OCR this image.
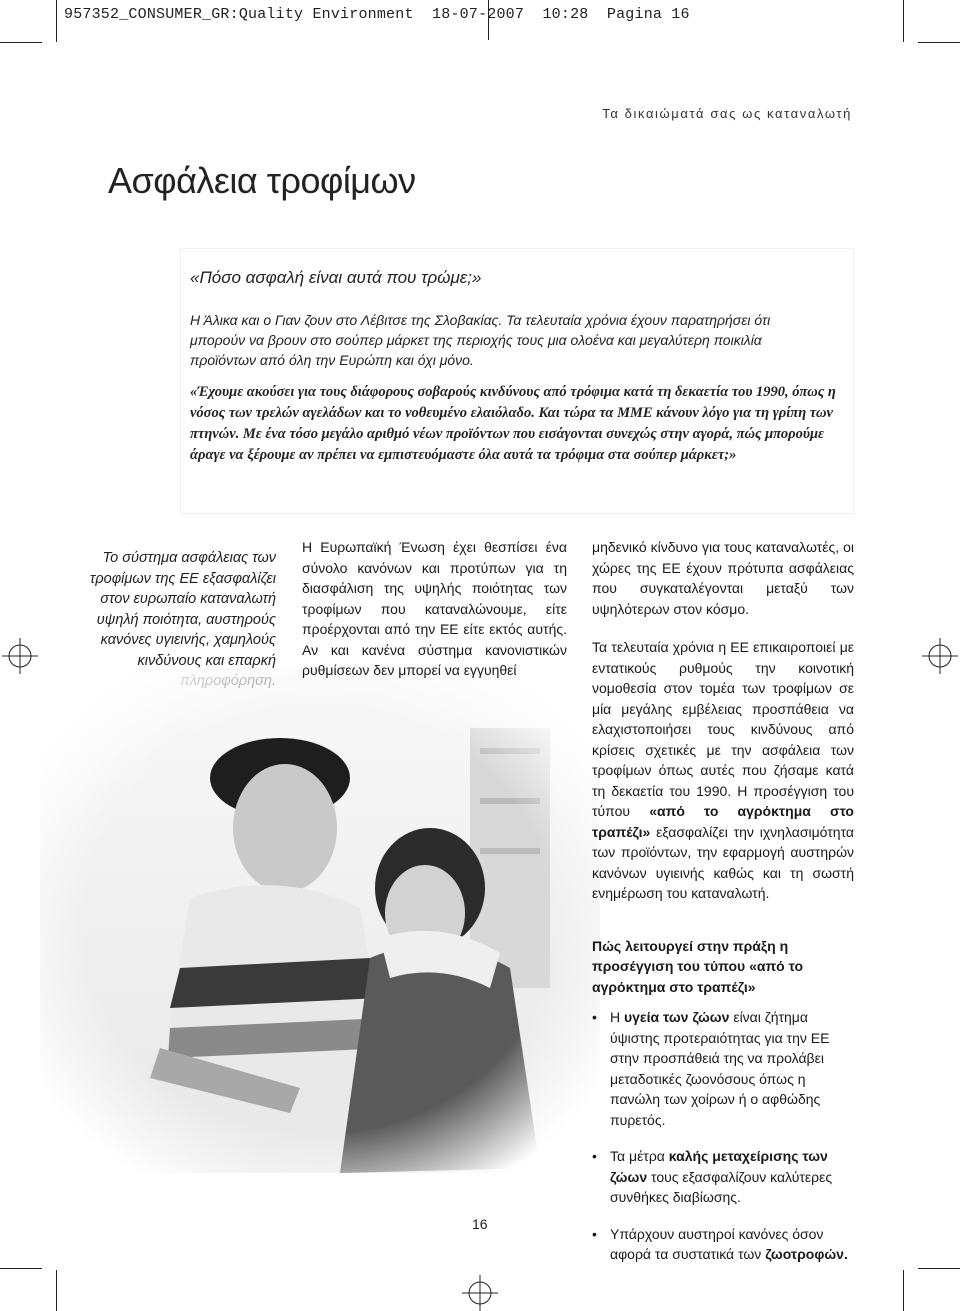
957352_CONSUMER_GR:Quality Environment  18-07-2007  10:28  Pagina 16
Τα δικαιώματά σας ως καταναλωτή
Ασφάλεια τροφίμων
«Πόσο ασφαλή είναι αυτά που τρώμε;»
Η Άλικα και ο Γιαν ζουν στο Λέβιτσε της Σλοβακίας. Τα τελευταία χρόνια έχουν παρατηρήσει ότι μπορούν να βρουν στο σούπερ μάρκετ της περιοχής τους μια ολοένα και μεγαλύτερη ποικιλία προϊόντων από όλη την Ευρώπη και όχι μόνο.
«Έχουμε ακούσει για τους διάφορους σοβαρούς κινδύνους από τρόφιμα κατά τη δεκαετία του 1990, όπως η νόσος των τρελών αγελάδων και το νοθευμένο ελαιόλαδο. Και τώρα τα ΜΜΕ κάνουν λόγο για τη γρίπη των πτηνών. Με ένα τόσο μεγάλο αριθμό νέων προϊόντων που εισάγονται συνεχώς στην αγορά, πώς μπορούμε άραγε να ξέρουμε αν πρέπει να εμπιστευόμαστε όλα αυτά τα τρόφιμα στα σούπερ μάρκετ;»
Το σύστημα ασφάλειας των τροφίμων της ΕΕ εξασφαλίζει στον ευρωπαίο καταναλωτή υψηλή ποιότητα, αυστηρούς κανόνες υγιεινής, χαμηλούς κινδύνους και επαρκή

Η Ευρωπαϊκή Ένωση έχει θεσπίσει ένα σύνολο κανόνων και προτύπων για τη διασφάλιση της υψηλής ποιότητας των τροφίμων που καταναλώνουμε, είτε προέρχονται από την ΕΕ είτε εκτός αυτής. Αν και κανένα σύστημα κανονιστικών ρυθμίσεων δεν μπορεί να εγγυηθεί

μηδενικό κίνδυνο για τους καταναλωτές, οι χώρες της ΕΕ έχουν πρότυπα ασφάλειας που συγκαταλέγονται μεταξύ των υψηλότερων στον κόσμο.

Τα τελευταία χρόνια η ΕΕ επικαιροποιεί με εντατικούς ρυθμούς την κοινοτική νομοθεσία στον τομέα των τροφίμων σε μία μεγάλης εμβέλειας προσπάθεια να ελαχιστοποιήσει τους κινδύνους από κρίσεις σχετικές με την ασφάλεια των τροφίμων όπως αυτές που ζήσαμε κατά τη δεκαετία του 1990. Η προσέγγιση του τύπου «από το αγρόκτημα στο τραπέζι» εξασφαλίζει την ιχνηλασιμότητα των προϊόντων, την εφαρμογή αυστηρών κανόνων υγιεινής καθώς και τη σωστή ενημέρωση του καταναλωτή.

Πώς λειτουργεί στην πράξη η προσέγγιση του τύπου «από το αγρόκτημα στο τραπέζι»

• Η υγεία των ζώων είναι ζήτημα ύψιστης προτεραιότητας για την ΕΕ στην προσπάθειά της να προλάβει μεταδοτικές ζωονόσους όπως η πανώλη των χοίρων ή ο αφθώδης πυρετός.
• Τα μέτρα καλής μεταχείρισης των ζώων τους εξασφαλίζουν καλύτερες συνθήκες διαβίωσης.
• Υπάρχουν αυστηροί κανόνες όσον αφορά τα συστατικά των ζωοτροφών.
16
